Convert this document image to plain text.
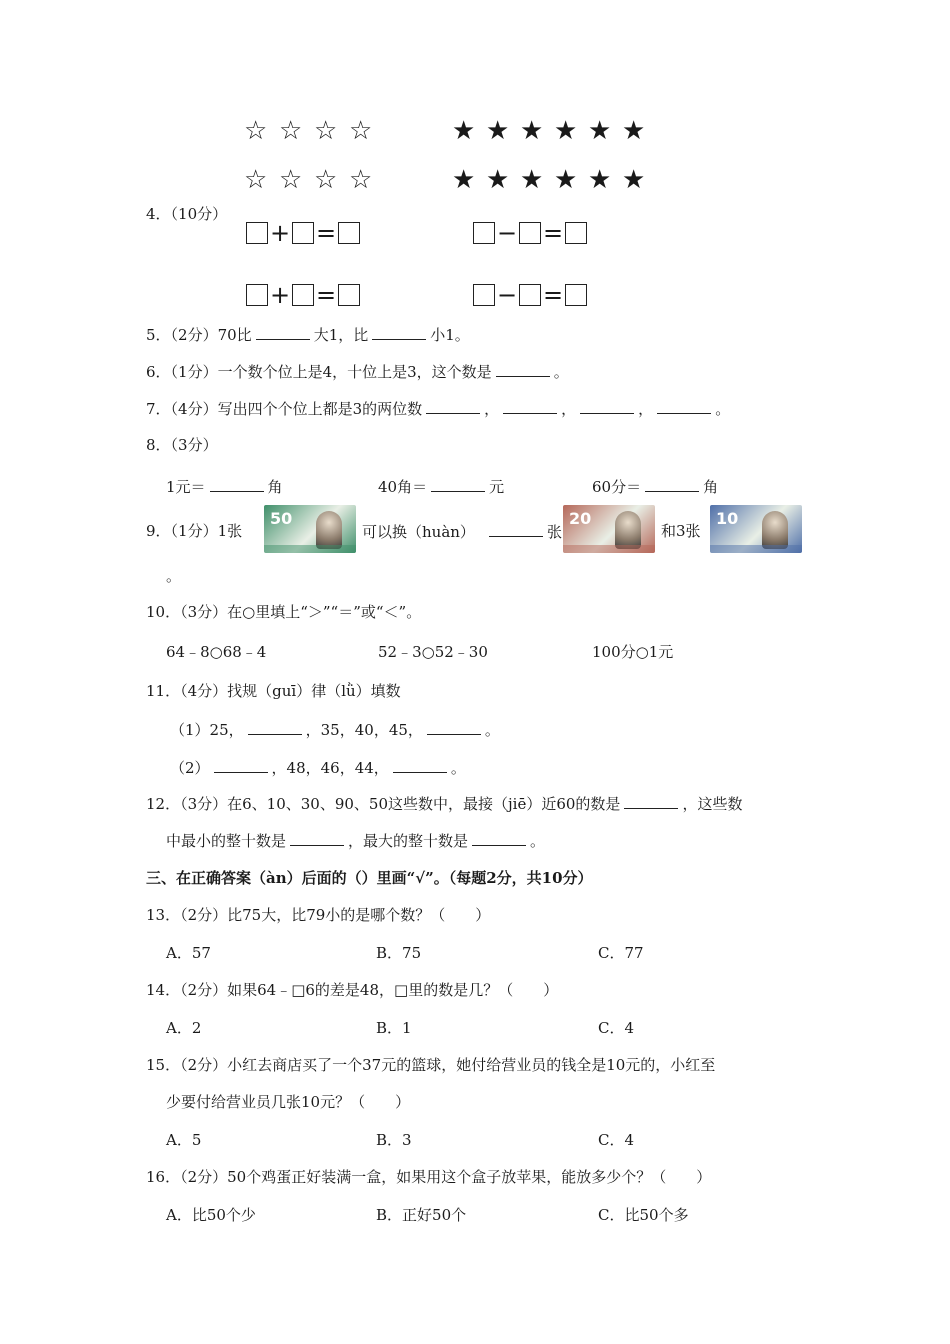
☆ ☆ ☆ ☆	★ ★ ★ ★ ★ ★
☆ ☆ ☆ ☆	★ ★ ★ ★ ★ ★
4．（10分）
+ =	− =
+ =	− =
5．（2分）70比	大1，比	小1。
6．（1分）一个数个位上是4，十位上是3，这个数是	。
7．（4分）写出四个个位上都是3的两位数	，	，	，	。
8．（3分）
1元＝	角	40角＝	元	60分＝	角
9．（1分）1张
50
可以换（huàn）	张
20
和3张
10
。
10．（3分）在○里填上“＞”“＝”或“＜”。
64﹣8○68﹣4	52﹣3○52﹣30	100分○1元
11．（4分）找规（guī）律（lǜ）填数
（1）25，	，35，40，45，	。
（2）	，48，46，44，	。
12．（3分）在6、10、30、90、50这些数中，最接（jiē）近60的数是	，这些数
中最小的整十数是	，最大的整十数是	。
三、在正确答案（àn）后面的（）里画“√”。（每题2分，共10分）
13．（2分）比75大，比79小的是哪个数？（　　）
A．57	B．75	C．77
14．（2分）如果64﹣□6的差是48，□里的数是几？（　　）
A．2	B．1	C．4
15．（2分）小红去商店买了一个37元的篮球，她付给营业员的钱全是10元的，小红至
少要付给营业员几张10元？（　　）
A．5	B．3	C．4
16．（2分）50个鸡蛋正好装满一盒，如果用这个盒子放苹果，能放多少个？（　　）
A．比50个少	B．正好50个	C．比50个多
